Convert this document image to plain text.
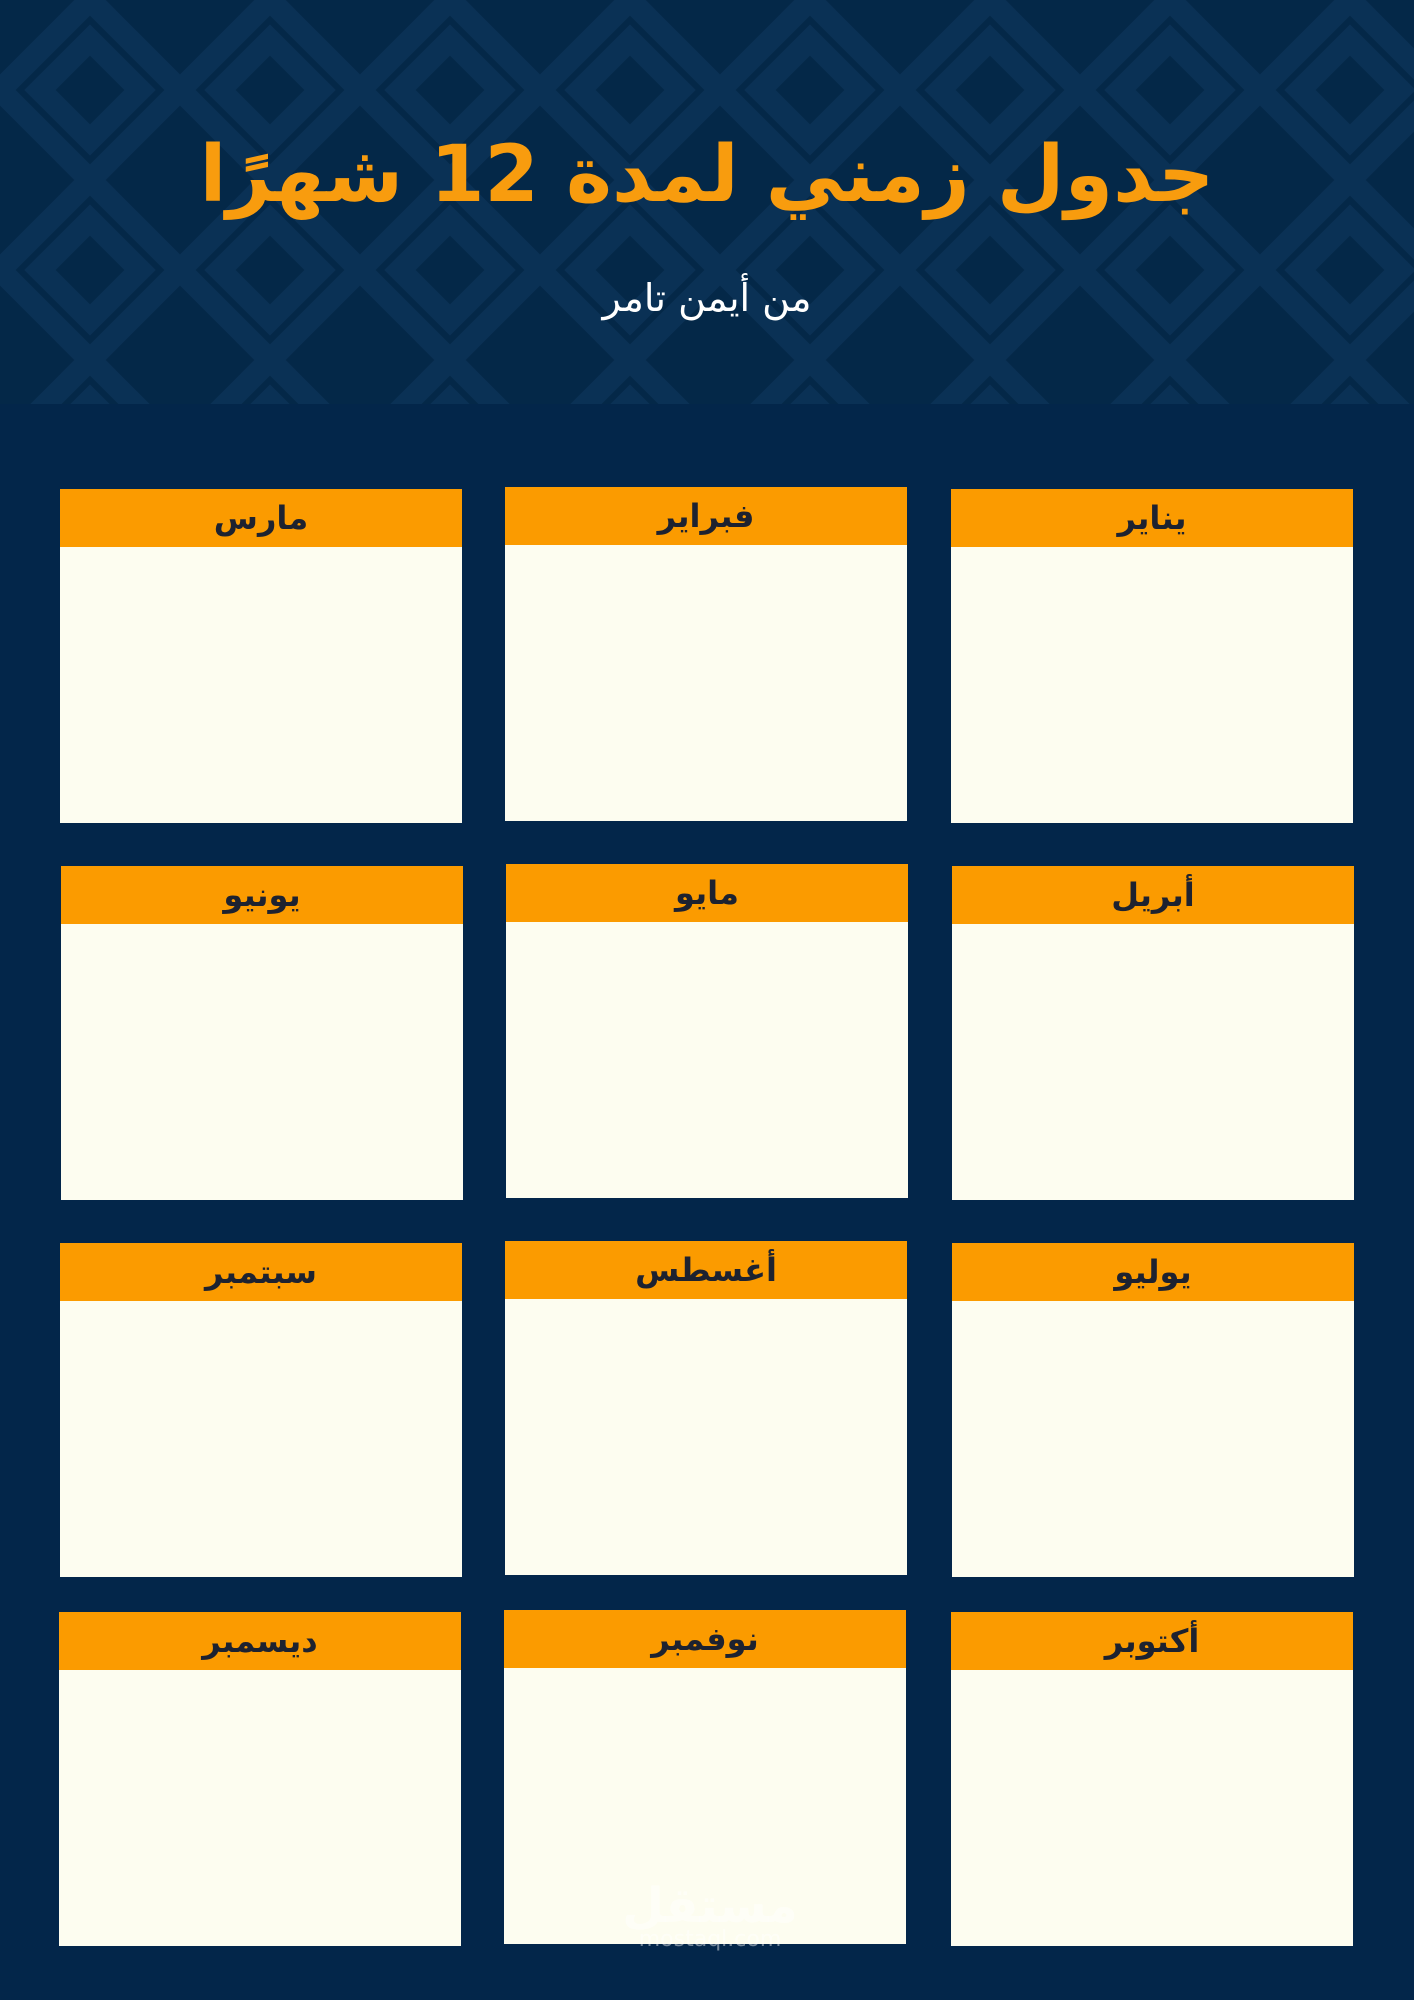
جدول زمني لمدة 12 شهرًا
من أيمن تامر
يناير
فبراير
مارس
أبريل
مايو
يونيو
يوليو
أغسطس
سبتمبر
أكتوبر
نوفمبر
ديسمبر
مستقل
mostaql.com
